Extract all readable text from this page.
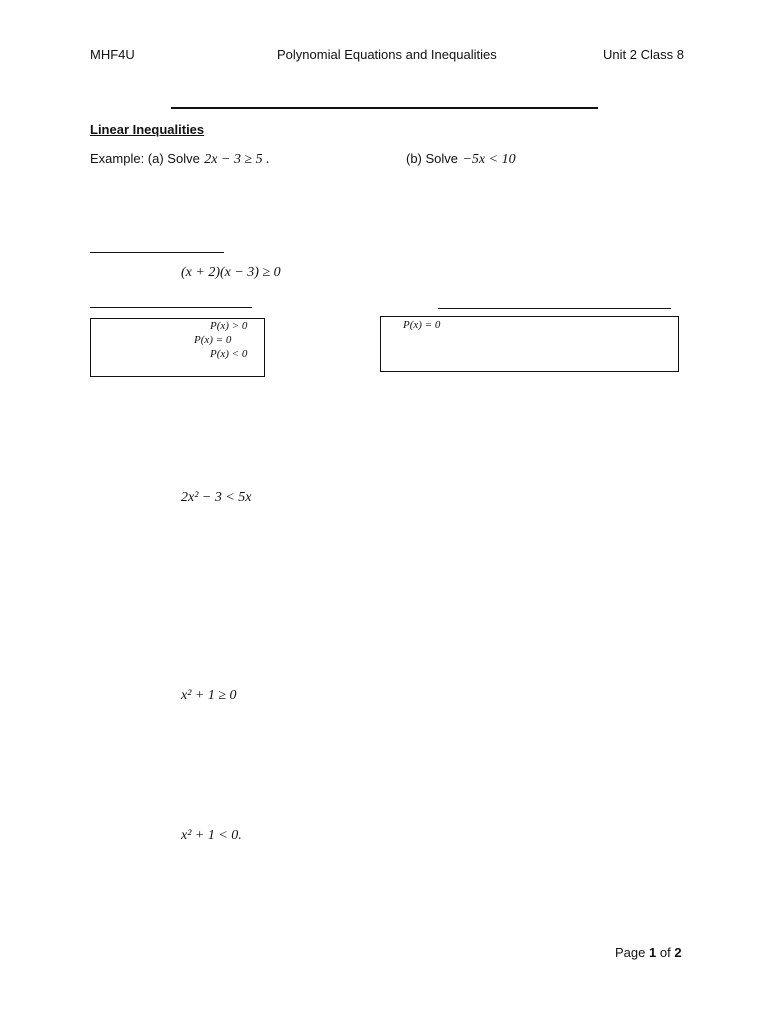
MHF4U	Polynomial Equations and Inequalities	Unit 2 Class 8
Linear Inequalities
Example: (a) Solve 2x − 3 ≥ 5 .	(b) Solve −5x < 10
(x + 2)(x − 3) ≥ 0
P(x) > 0
P(x) = 0
P(x) < 0
P(x) = 0
2x² − 3 < 5x
x² + 1 ≥ 0
x² + 1 < 0.
Page 1 of 2
